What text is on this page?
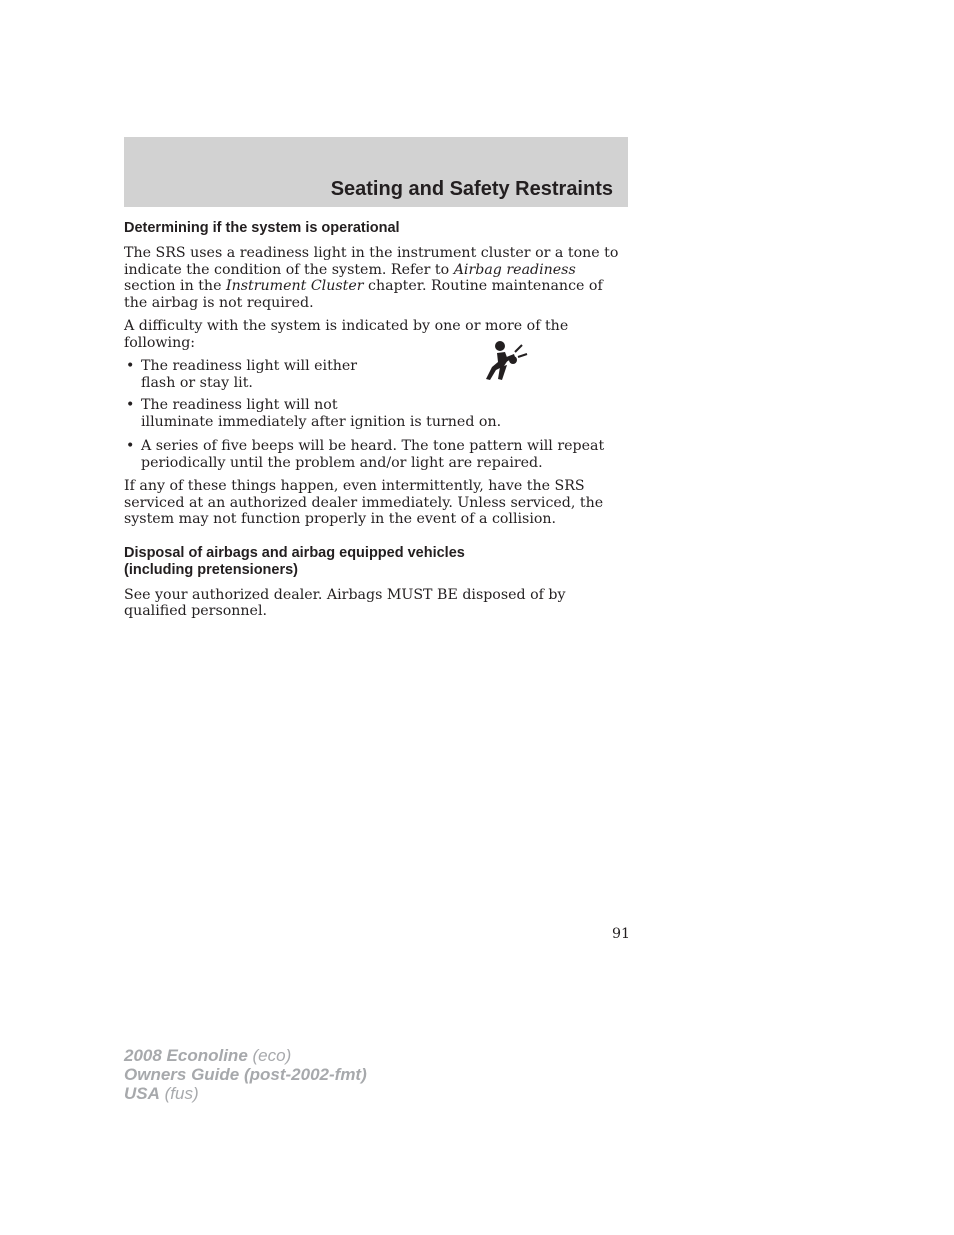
Seating and Safety Restraints
Determining if the system is operational

The SRS uses a readiness light in the instrument cluster or a tone to indicate the condition of the system. Refer to Airbag readiness section in the Instrument Cluster chapter. Routine maintenance of the airbag is not required.

A difficulty with the system is indicated by one or more of the following:

• The readiness light will either
flash or stay lit.
• The readiness light will not
illuminate immediately after ignition is turned on.
• A series of five beeps will be heard. The tone pattern will repeat periodically until the problem and/or light are repaired.

If any of these things happen, even intermittently, have the SRS serviced at an authorized dealer immediately. Unless serviced, the system may not function properly in the event of a collision.

Disposal of airbags and airbag equipped vehicles
(including pretensioners)

See your authorized dealer. Airbags MUST BE disposed of by qualified personnel.

91
2008 Econoline (eco)
Owners Guide (post-2002-fmt)
USA (fus)
